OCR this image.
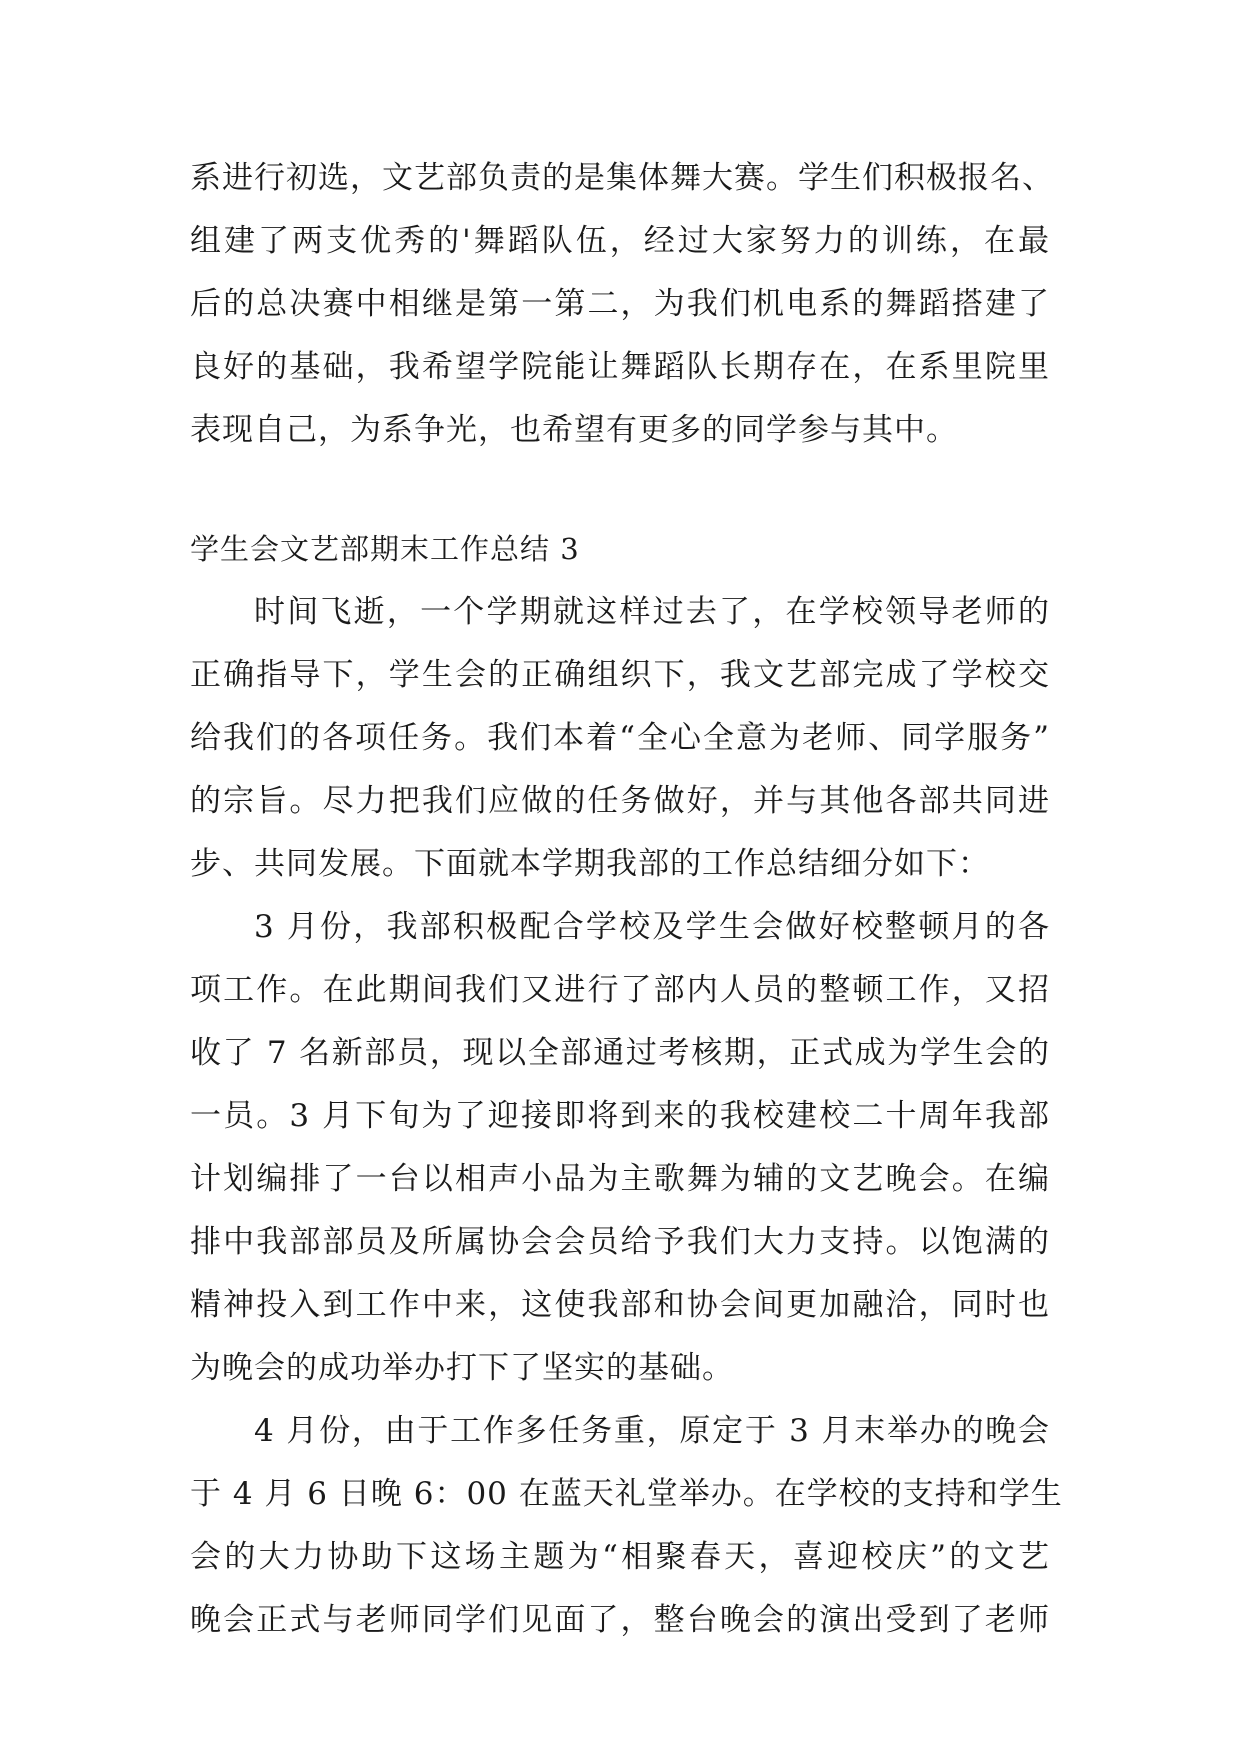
系进行初选，文艺部负责的是集体舞大赛。学生们积极报名、
组建了两支优秀的'舞蹈队伍，经过大家努力的训练，在最
后的总决赛中相继是第一第二，为我们机电系的舞蹈搭建了
良好的基础，我希望学院能让舞蹈队长期存在，在系里院里
表现自己，为系争光，也希望有更多的同学参与其中。
学生会文艺部期末工作总结 3
时间飞逝，一个学期就这样过去了，在学校领导老师的
正确指导下，学生会的正确组织下，我文艺部完成了学校交
给我们的各项任务。我们本着“全心全意为老师、同学服务”
的宗旨。尽力把我们应做的任务做好，并与其他各部共同进
步、共同发展。下面就本学期我部的工作总结细分如下：
3 月份，我部积极配合学校及学生会做好校整顿月的各
项工作。在此期间我们又进行了部内人员的整顿工作，又招
收了 7 名新部员，现以全部通过考核期，正式成为学生会的
一员。3 月下旬为了迎接即将到来的我校建校二十周年我部
计划编排了一台以相声小品为主歌舞为辅的文艺晚会。在编
排中我部部员及所属协会会员给予我们大力支持。以饱满的
精神投入到工作中来，这使我部和协会间更加融洽，同时也
为晚会的成功举办打下了坚实的基础。
4 月份，由于工作多任务重，原定于 3 月末举办的晚会
于 4 月 6 日晚 6：00 在蓝天礼堂举办。在学校的支持和学生
会的大力协助下这场主题为“相聚春天，喜迎校庆”的文艺
晚会正式与老师同学们见面了，整台晚会的演出受到了老师
